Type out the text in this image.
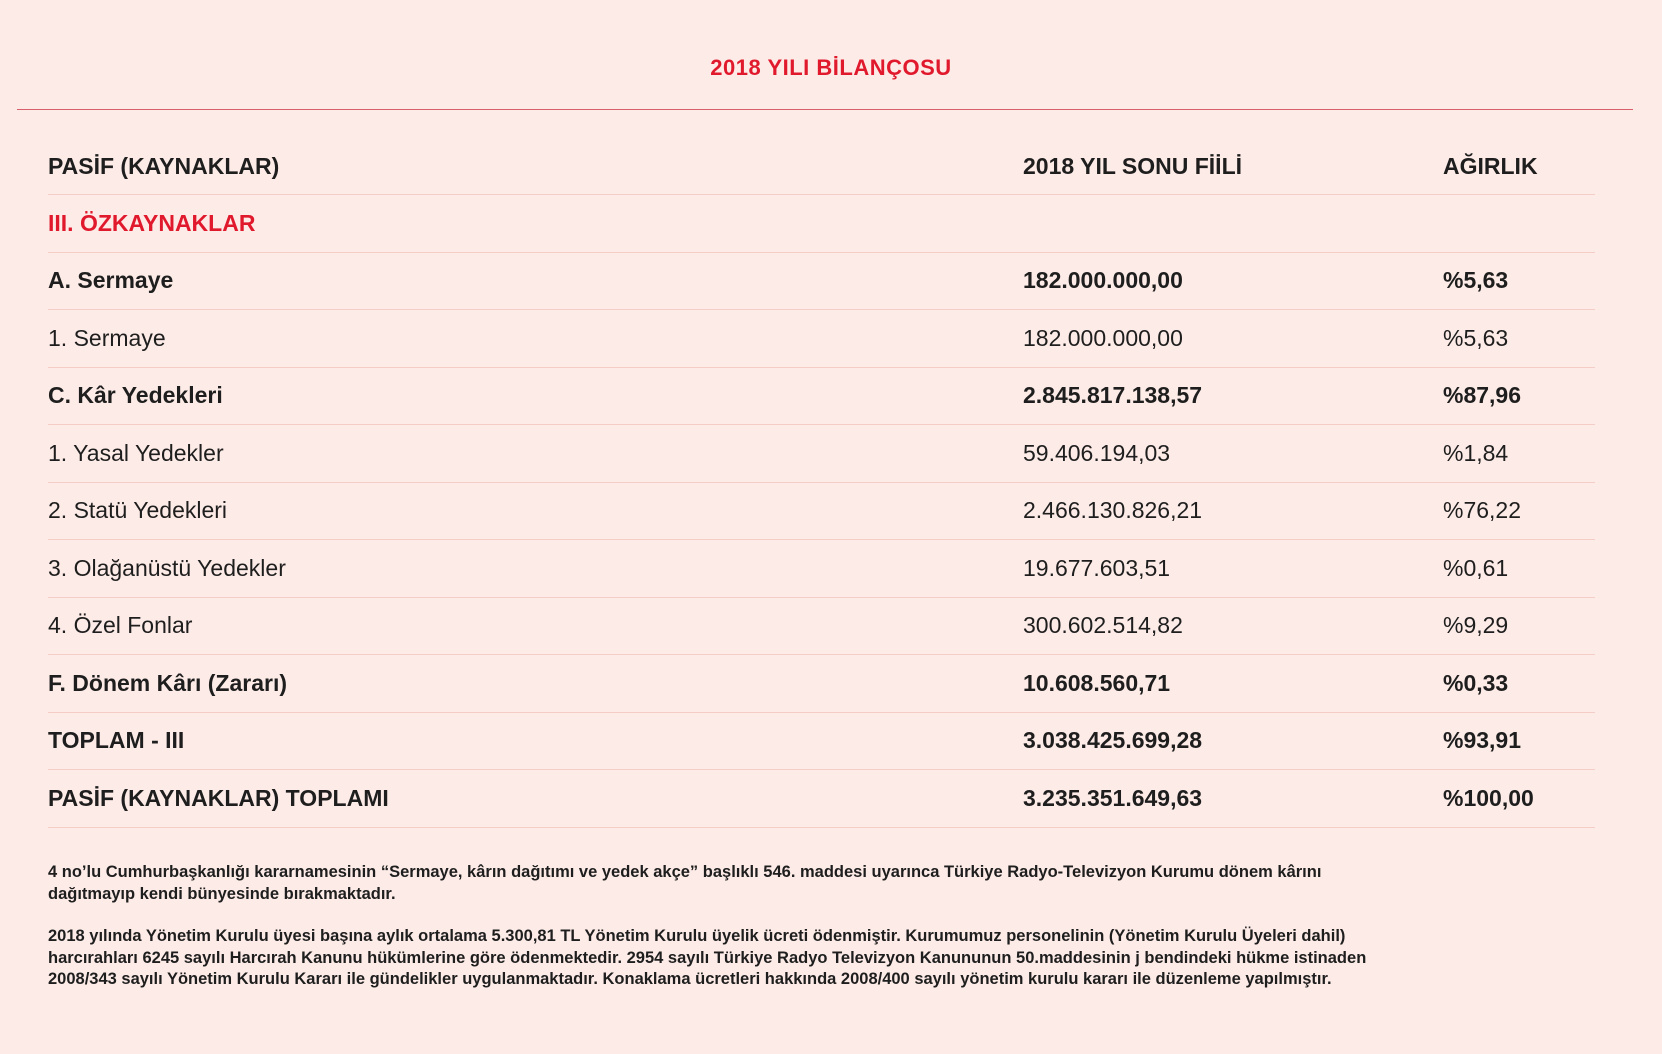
2018 YILI BİLANÇOSU
PASİF (KAYNAKLAR)	2018 YIL SONU FİİLİ	AĞIRLIK
III. ÖZKAYNAKLAR
A. Sermaye	182.000.000,00	%5,63
1. Sermaye	182.000.000,00	%5,63
C. Kâr Yedekleri	2.845.817.138,57	%87,96
1. Yasal Yedekler	59.406.194,03	%1,84
2. Statü Yedekleri	2.466.130.826,21	%76,22
3. Olağanüstü Yedekler	19.677.603,51	%0,61
4. Özel Fonlar	300.602.514,82	%9,29
F. Dönem Kârı (Zararı)	10.608.560,71	%0,33
TOPLAM - III	3.038.425.699,28	%93,91
PASİF (KAYNAKLAR) TOPLAMI	3.235.351.649,63	%100,00

4 no’lu Cumhurbaşkanlığı kararnamesinin “Sermaye, kârın dağıtımı ve yedek akçe” başlıklı 546. maddesi uyarınca Türkiye Radyo-Televizyon Kurumu dönem kârını dağıtmayıp kendi bünyesinde bırakmaktadır.

2018 yılında Yönetim Kurulu üyesi başına aylık ortalama 5.300,81 TL Yönetim Kurulu üyelik ücreti ödenmiştir. Kurumumuz personelinin (Yönetim Kurulu Üyeleri dahil) harcırahları 6245 sayılı Harcırah Kanunu hükümlerine göre ödenmektedir. 2954 sayılı Türkiye Radyo Televizyon Kanununun 50.maddesinin j bendindeki hükme istinaden 2008/343 sayılı Yönetim Kurulu Kararı ile gündelikler uygulanmaktadır. Konaklama ücretleri hakkında 2008/400 sayılı yönetim kurulu kararı ile düzenleme yapılmıştır.
